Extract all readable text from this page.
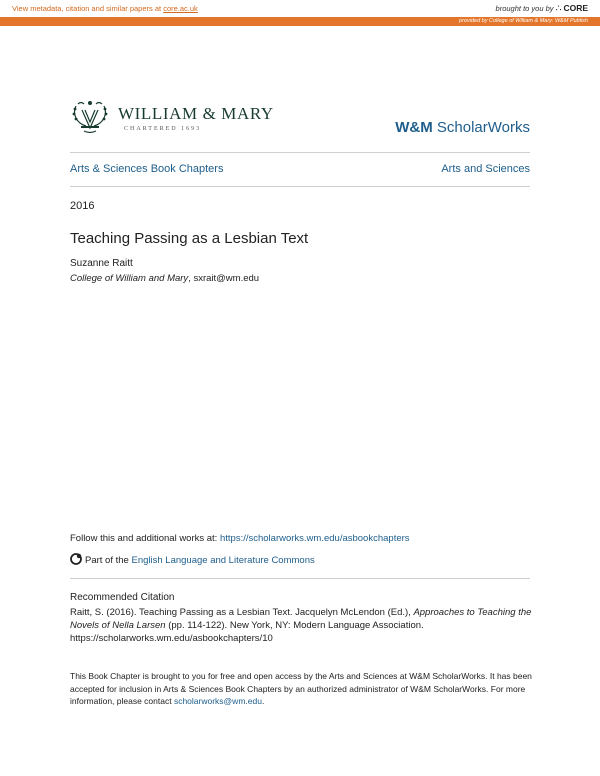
View metadata, citation and similar papers at core.ac.uk	brought to you by ∴ CORE
provided by College of William & Mary: W&M Publish
WILLIAM & MARY
CHARTERED 1693	W&M ScholarWorks
Arts & Sciences Book Chapters	Arts and Sciences
2016
Teaching Passing as a Lesbian Text
Suzanne Raitt
College of William and Mary, sxrait@wm.edu
Follow this and additional works at: https://scholarworks.wm.edu/asbookchapters
Part of the English Language and Literature Commons
Recommended Citation
Raitt, S. (2016). Teaching Passing as a Lesbian Text. Jacquelyn McLendon (Ed.), Approaches to Teaching the Novels of Nella Larsen (pp. 114-122). New York, NY: Modern Language Association.
https://scholarworks.wm.edu/asbookchapters/10
This Book Chapter is brought to you for free and open access by the Arts and Sciences at W&M ScholarWorks. It has been accepted for inclusion in Arts & Sciences Book Chapters by an authorized administrator of W&M ScholarWorks. For more information, please contact scholarworks@wm.edu.
